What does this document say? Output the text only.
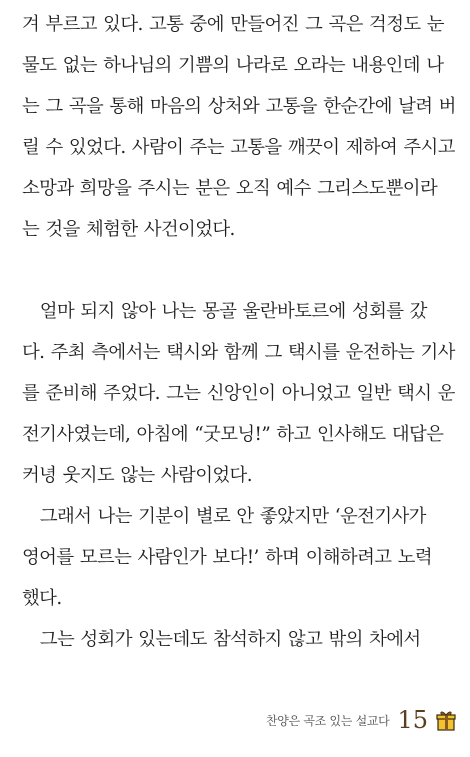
겨 부르고 있다. 고통 중에 만들어진 그 곡은 걱정도 눈
물도 없는 하나님의 기쁨의 나라로 오라는 내용인데 나
는 그 곡을 통해 마음의 상처와 고통을 한순간에 날려 버
릴 수 있었다. 사람이 주는 고통을 깨끗이 제하여 주시고
소망과 희망을 주시는 분은 오직 예수 그리스도뿐이라
는 것을 체험한 사건이었다.
　얼마 되지 않아 나는 몽골 울란바토르에 성회를 갔
다. 주최 측에서는 택시와 함께 그 택시를 운전하는 기사
를 준비해 주었다. 그는 신앙인이 아니었고 일반 택시 운
전기사였는데, 아침에 “굿모닝!” 하고 인사해도 대답은
커녕 웃지도 않는 사람이었다.
　그래서 나는 기분이 별로 안 좋았지만 ‘운전기사가
영어를 모르는 사람인가 보다!’ 하며 이해하려고 노력
했다.
　그는 성회가 있는데도 참석하지 않고 밖의 차에서
찬양은 곡조 있는 설교다 15
